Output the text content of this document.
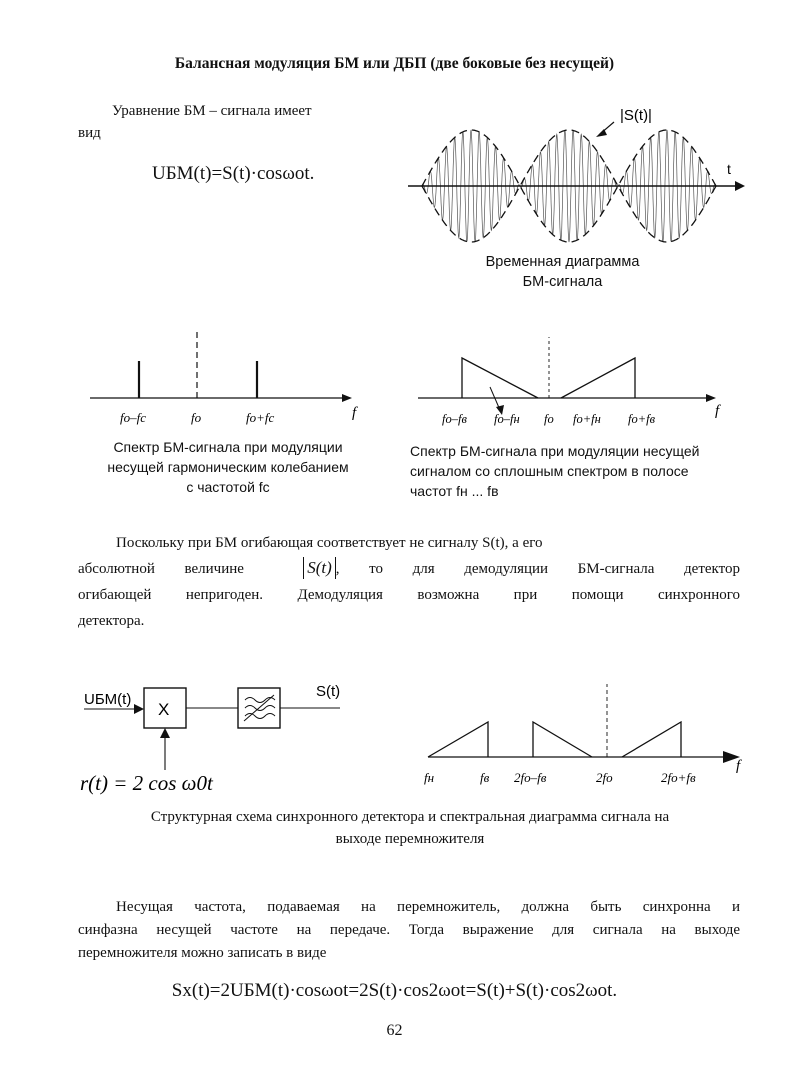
Балансная модуляция БМ или ДБП (две боковые без несущей)
Уравнение БМ – сигнала имеет
вид
UБМ(t)=S(t)·cosωоt.	t
|S(t)|
Временная диаграмма
БМ-сигнала
fо–fc	fо	fо+fc	f
Спектр БМ-сигнала при модуляции
несущей гармоническим колебанием
с частотой fc
fо–fв fо–fн fо fо+fн fо+fв	f
Спектр БМ-сигнала при модуляции несущей
сигналом со сплошным спектром в полосе
частот fн ... fв
Поскольку при БМ огибающая соответствует не сигналу S(t), а его
абсолютной величине	S(t) , то для демодуляции БМ-сигнала детектор
огибающей непригоден. Демодуляция возможна при помощи синхронного
детектора.
UБМ(t)
X
S(t)
r(t) = 2 cos ω0t	fн	fв 2fо–fв	2fо	2fо+fв
f
Структурная схема синхронного детектора и спектральная диаграмма сигнала на
выходе перемножителя
Несущая частота, подаваемая на перемножитель, должна быть синхронна и
синфазна несущей частоте на передаче. Тогда выражение для сигнала на выходе
перемножителя можно записать в виде
Sx(t)=2UБМ(t)·cosωоt=2S(t)·cos2ωоt=S(t)+S(t)·cos2ωоt.
62
